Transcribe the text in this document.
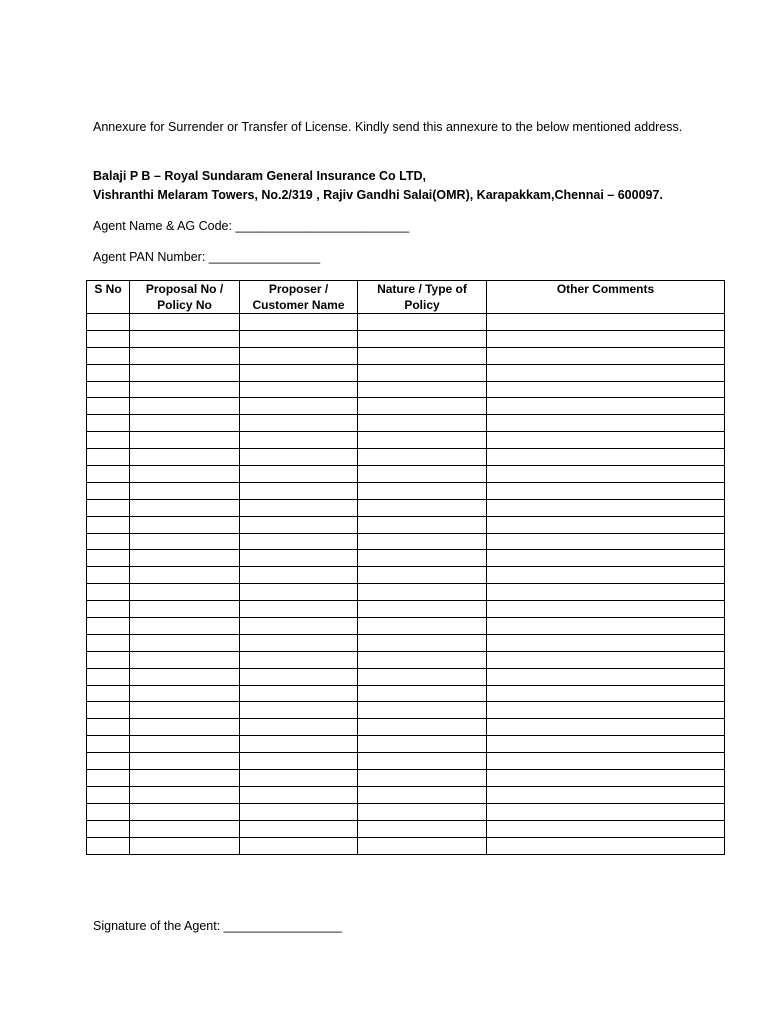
Annexure for Surrender or Transfer of License. Kindly send this annexure to the below mentioned address.

Balaji P B – Royal Sundaram General Insurance Co LTD,
Vishranthi Melaram Towers, No.2/319 , Rajiv Gandhi Salai(OMR), Karapakkam,Chennai – 600097.

Agent Name & AG Code: _________________________

Agent PAN Number: ________________

S No	Proposal No / Policy No	Proposer / Customer Name	Nature / Type of Policy	Other Comments

Signature of the Agent: _________________
